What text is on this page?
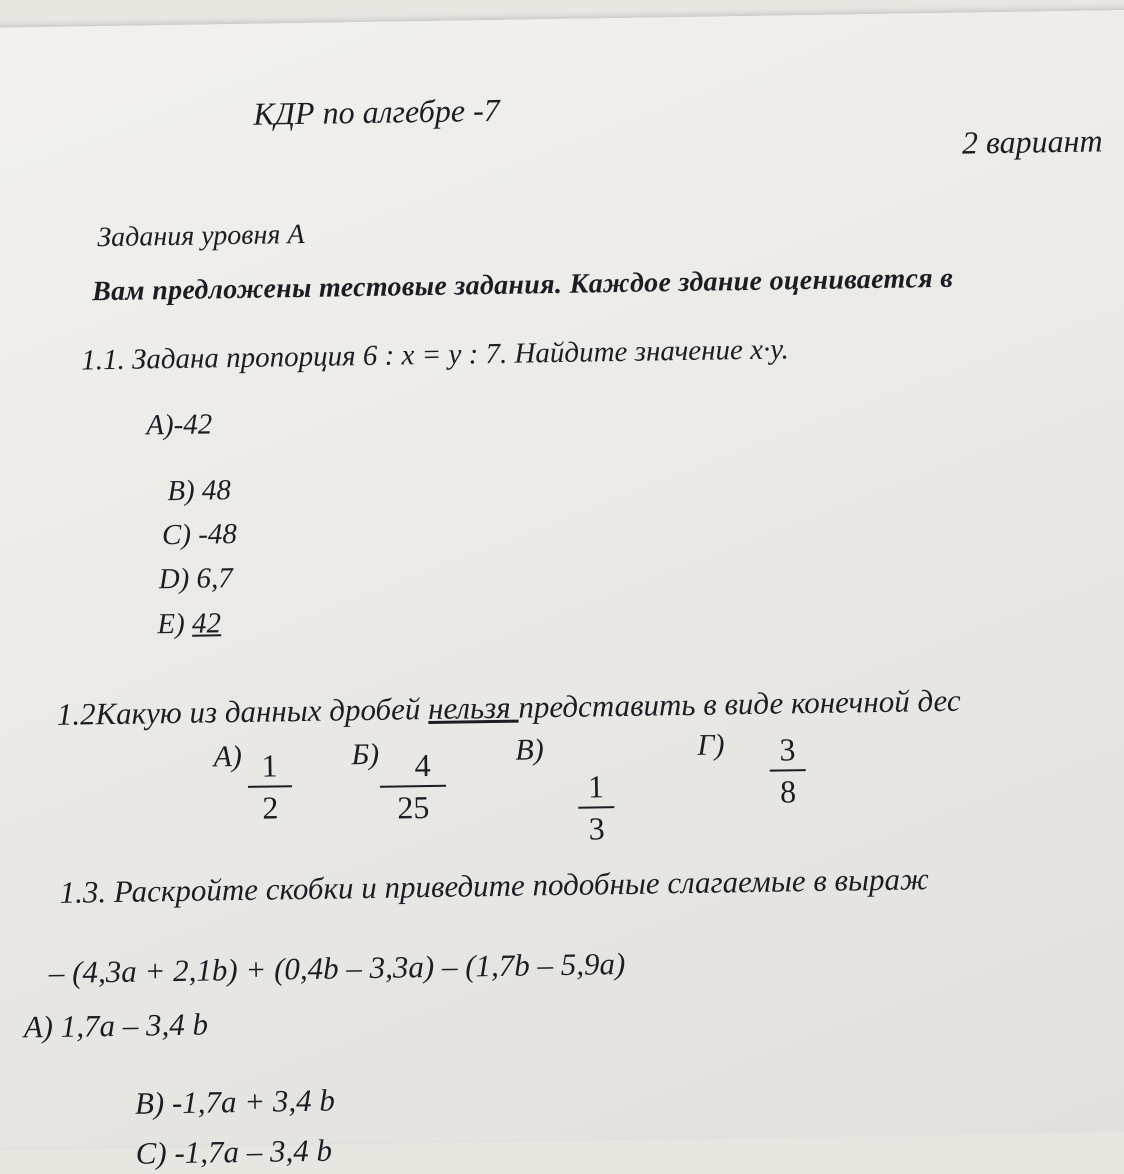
КДР по алгебре -7
2 вариант
Задания уровня А
Вам предложены тестовые задания. Каждое здание оценивается в
1.1. Задана пропорция 6 : x = y : 7. Найдите значение x·y.
A)-42
B) 48
C) -48
D) 6,7
E) 42
1.2Какую из данных дробей нельзя представить в виде конечной дес
А) 1
2
Б)	4
25
В)
1
3
Г)	3
8
1.3. Раскройте скобки и приведите подобные слагаемые в выраж
– (4,3a + 2,1b) + (0,4b – 3,3a) – (1,7b – 5,9a)
A) 1,7a – 3,4 b
B) -1,7a + 3,4 b
C) -1,7a – 3,4 b
